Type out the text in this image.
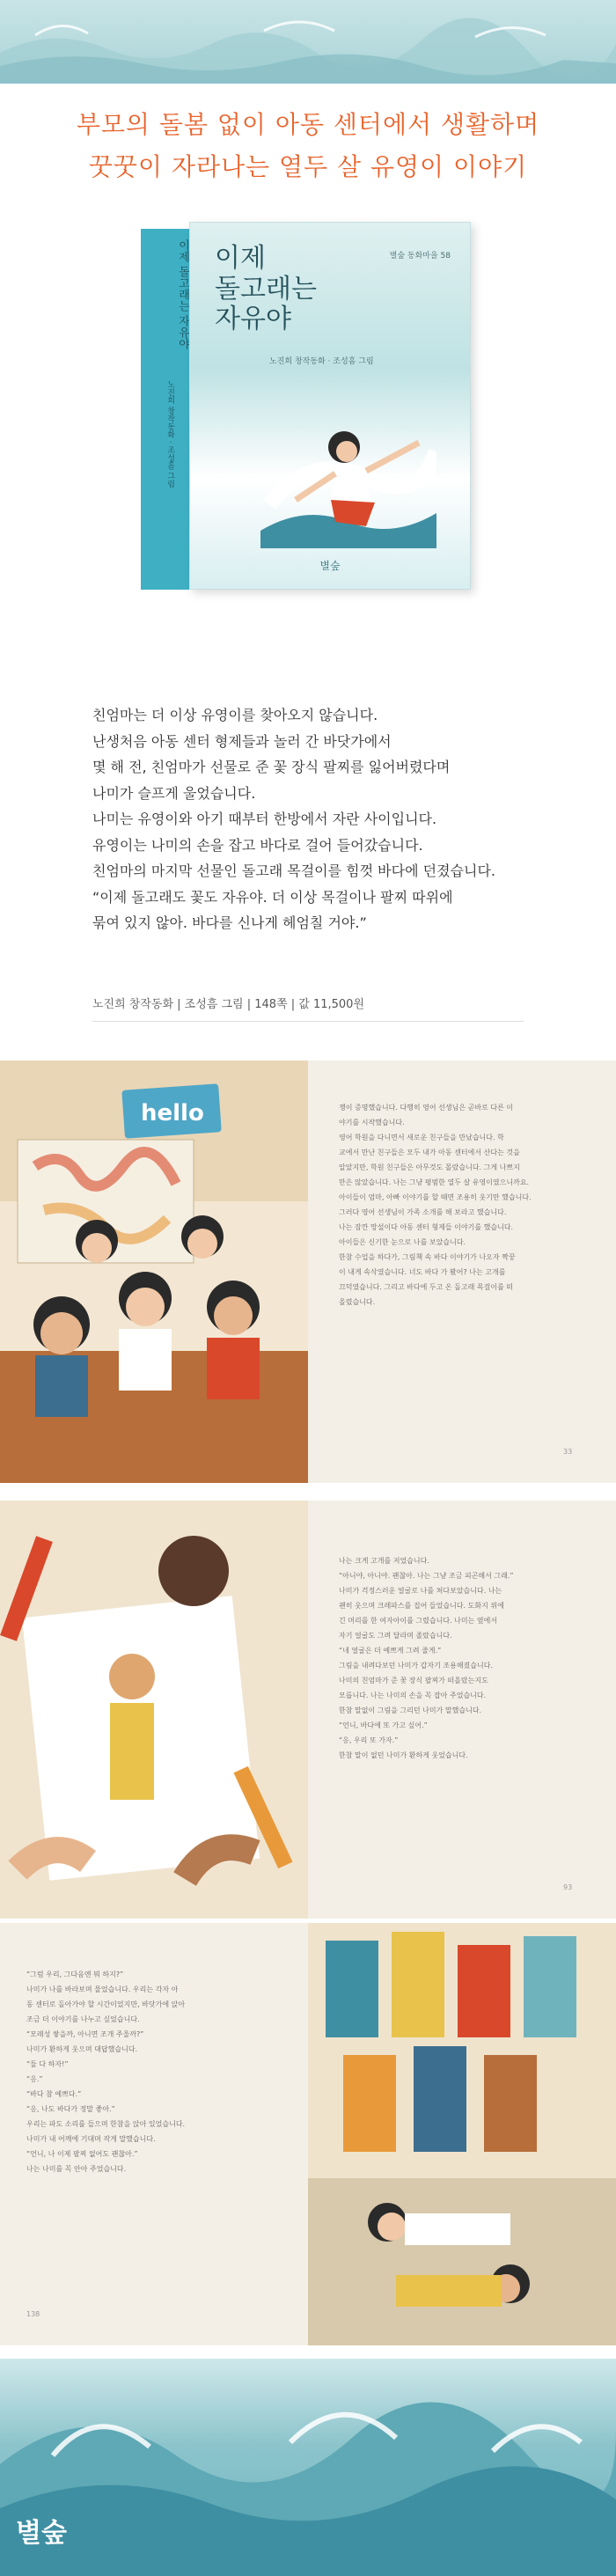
부모의 돌봄 없이 아동 센터에서 생활하며
꿋꿋이 자라나는 열두 살 유영이 이야기
이제 돌고래는 자유야
노진희 창작동화 · 조성흠 그림
이제
돌고래는
자유야
별숲 동화마을 58
노진희 창작동화 · 조성흠 그림
별숲

친엄마는 더 이상 유영이를 찾아오지 않습니다.

난생처음 아동 센터 형제들과 놀러 간 바닷가에서

몇 해 전, 친엄마가 선물로 준 꽃 장식 팔찌를 잃어버렸다며

나미가 슬프게 울었습니다.

나미는 유영이와 아기 때부터 한방에서 자란 사이입니다.

유영이는 나미의 손을 잡고 바다로 걸어 들어갔습니다.

친엄마의 마지막 선물인 돌고래 목걸이를 힘껏 바다에 던졌습니다.

“이제 돌고래도 꽃도 자유야. 더 이상 목걸이나 팔찌 따위에

묶여 있지 않아. 바다를 신나게 헤엄칠 거야.”

노진희 창작동화 | 조성흠 그림 | 148쪽 | 값 11,500원
hello	쟁이 증명했습니다. 다행히 영어 선생님은 곧바로 다른 이

야기를 시작했습니다.

영어 학원을 다니면서 새로운 친구들을 만났습니다. 학

교에서 만난 친구들은 모두 내가 아동 센터에서 산다는 것을

알았지만, 학원 친구들은 아무것도 몰랐습니다. 그게 나쁘지

만은 않았습니다. 나는 그냥 평범한 열두 살 유영이였으니까요.

아이들이 엄마, 아빠 이야기를 할 때면 조용히 웃기만 했습니다.

그러다 영어 선생님이 가족 소개를 해 보라고 했습니다.

나는 잠깐 망설이다 아동 센터 형제들 이야기를 했습니다.

아이들은 신기한 눈으로 나를 보았습니다.

한참 수업을 하다가, 그림책 속 바다 이야기가 나오자 짝꿍

이 내게 속삭였습니다. 너도 바다 가 봤어? 나는 고개를

끄덕였습니다. 그리고 바다에 두고 온 돌고래 목걸이를 떠

올렸습니다.

33

나는 크게 고개를 저었습니다.

“아니야, 아니야. 괜찮아. 나는 그냥 조금 피곤해서 그래.”

나미가 걱정스러운 얼굴로 나를 쳐다보았습니다. 나는

괜히 웃으며 크레파스를 집어 들었습니다. 도화지 위에

긴 머리를 한 여자아이를 그렸습니다. 나미는 옆에서

자기 얼굴도 그려 달라며 졸랐습니다.

“네 얼굴은 더 예쁘게 그려 줄게.”

그림을 내려다보던 나미가 갑자기 조용해졌습니다.

나미의 친엄마가 준 꽃 장식 팔찌가 떠올랐는지도

모릅니다. 나는 나미의 손을 꼭 잡아 주었습니다.

한참 말없이 그림을 그리던 나미가 말했습니다.

“언니, 바다에 또 가고 싶어.”

“응, 우리 또 가자.”

한참 말이 없던 나미가 환하게 웃었습니다.

93

“그럼 우리, 그다음엔 뭐 하지?”

나미가 나를 바라보며 물었습니다. 우리는 각자 아

동 센터로 돌아가야 할 시간이었지만, 바닷가에 앉아

조금 더 이야기를 나누고 싶었습니다.

“모래성 쌓을까, 아니면 조개 주울까?”

나미가 환하게 웃으며 대답했습니다.

“둘 다 하자!”

“응.”

“바다 참 예쁘다.”

“응, 나도 바다가 정말 좋아.”

우리는 파도 소리를 들으며 한참을 앉아 있었습니다.

나미가 내 어깨에 기대며 작게 말했습니다.

“언니, 나 이제 팔찌 없어도 괜찮아.”

나는 나미를 꼭 안아 주었습니다.

138
별숲
